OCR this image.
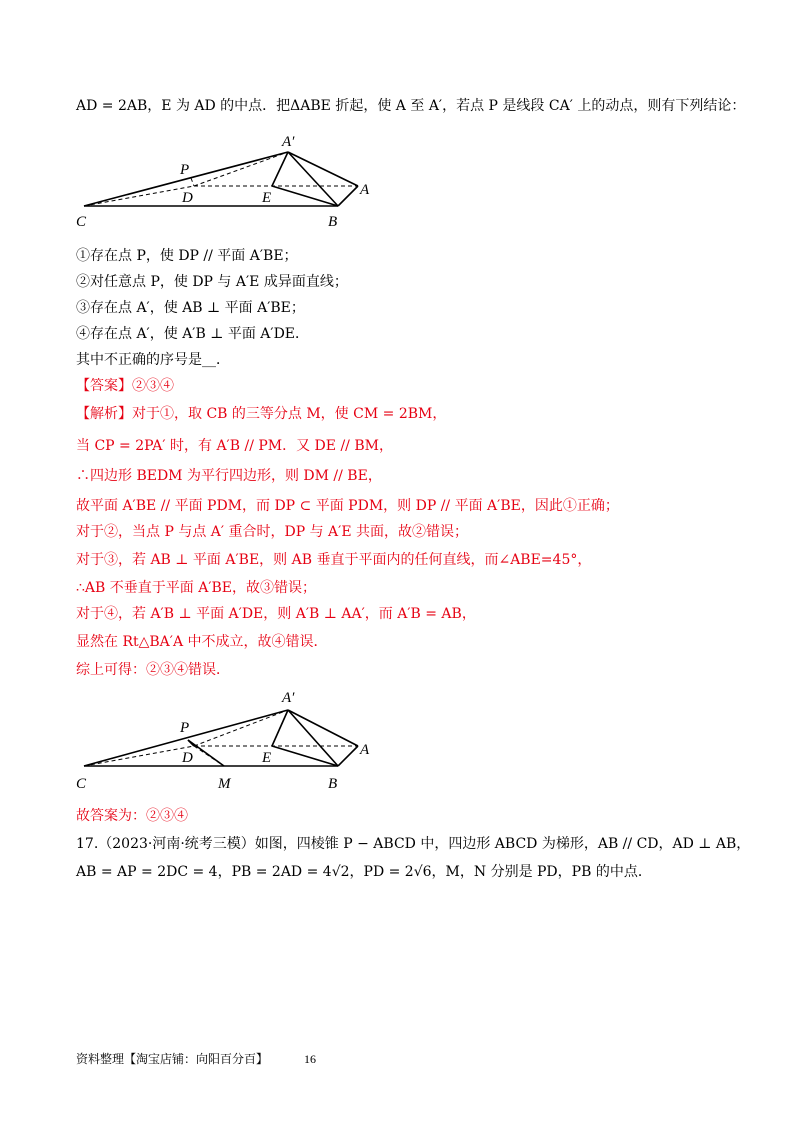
AD = 2AB，E 为 AD 的中点．把ΔABE 折起，使 A 至 A′，若点 P 是线段 CA′ 上的动点，则有下列结论：
A′
P
A
C
D	E
B
①存在点 P，使 DP // 平面 A′BE；
②对任意点 P，使 DP 与 A′E 成异面直线；
③存在点 A′，使 AB ⊥ 平面 A′BE；
④存在点 A′，使 A′B ⊥ 平面 A′DE．
其中不正确的序号是__．
【答案】②③④
【解析】对于①，取 CB 的三等分点 M，使 CM = 2BM，
当 CP = 2PA′ 时，有 A′B // PM．又 DE // BM，
∴四边形 BEDM 为平行四边形，则 DM // BE，
故平面 A′BE // 平面 PDM，而 DP ⊂ 平面 PDM，则 DP // 平面 A′BE，因此①正确；
对于②，当点 P 与点 A′ 重合时，DP 与 A′E 共面，故②错误；
对于③，若 AB ⊥ 平面 A′BE，则 AB 垂直于平面内的任何直线，而∠ABE=45°，
∴AB 不垂直于平面 A′BE，故③错误；
对于④，若 A′B ⊥ 平面 A′DE，则 A′B ⊥ AA′，而 A′B = AB，
显然在 Rt△BA′A 中不成立，故④错误．
综上可得：②③④错误．
A′
P
A
C
D
M
E
B
故答案为：②③④
17.（2023·河南·统考三模）如图，四棱锥 P − ABCD 中，四边形 ABCD 为梯形，AB // CD，AD ⊥ AB，
AB = AP = 2DC = 4，PB = 2AD = 4√2，PD = 2√6，M，N 分别是 PD，PB 的中点．
资料整理【淘宝店铺：向阳百分百】	16
